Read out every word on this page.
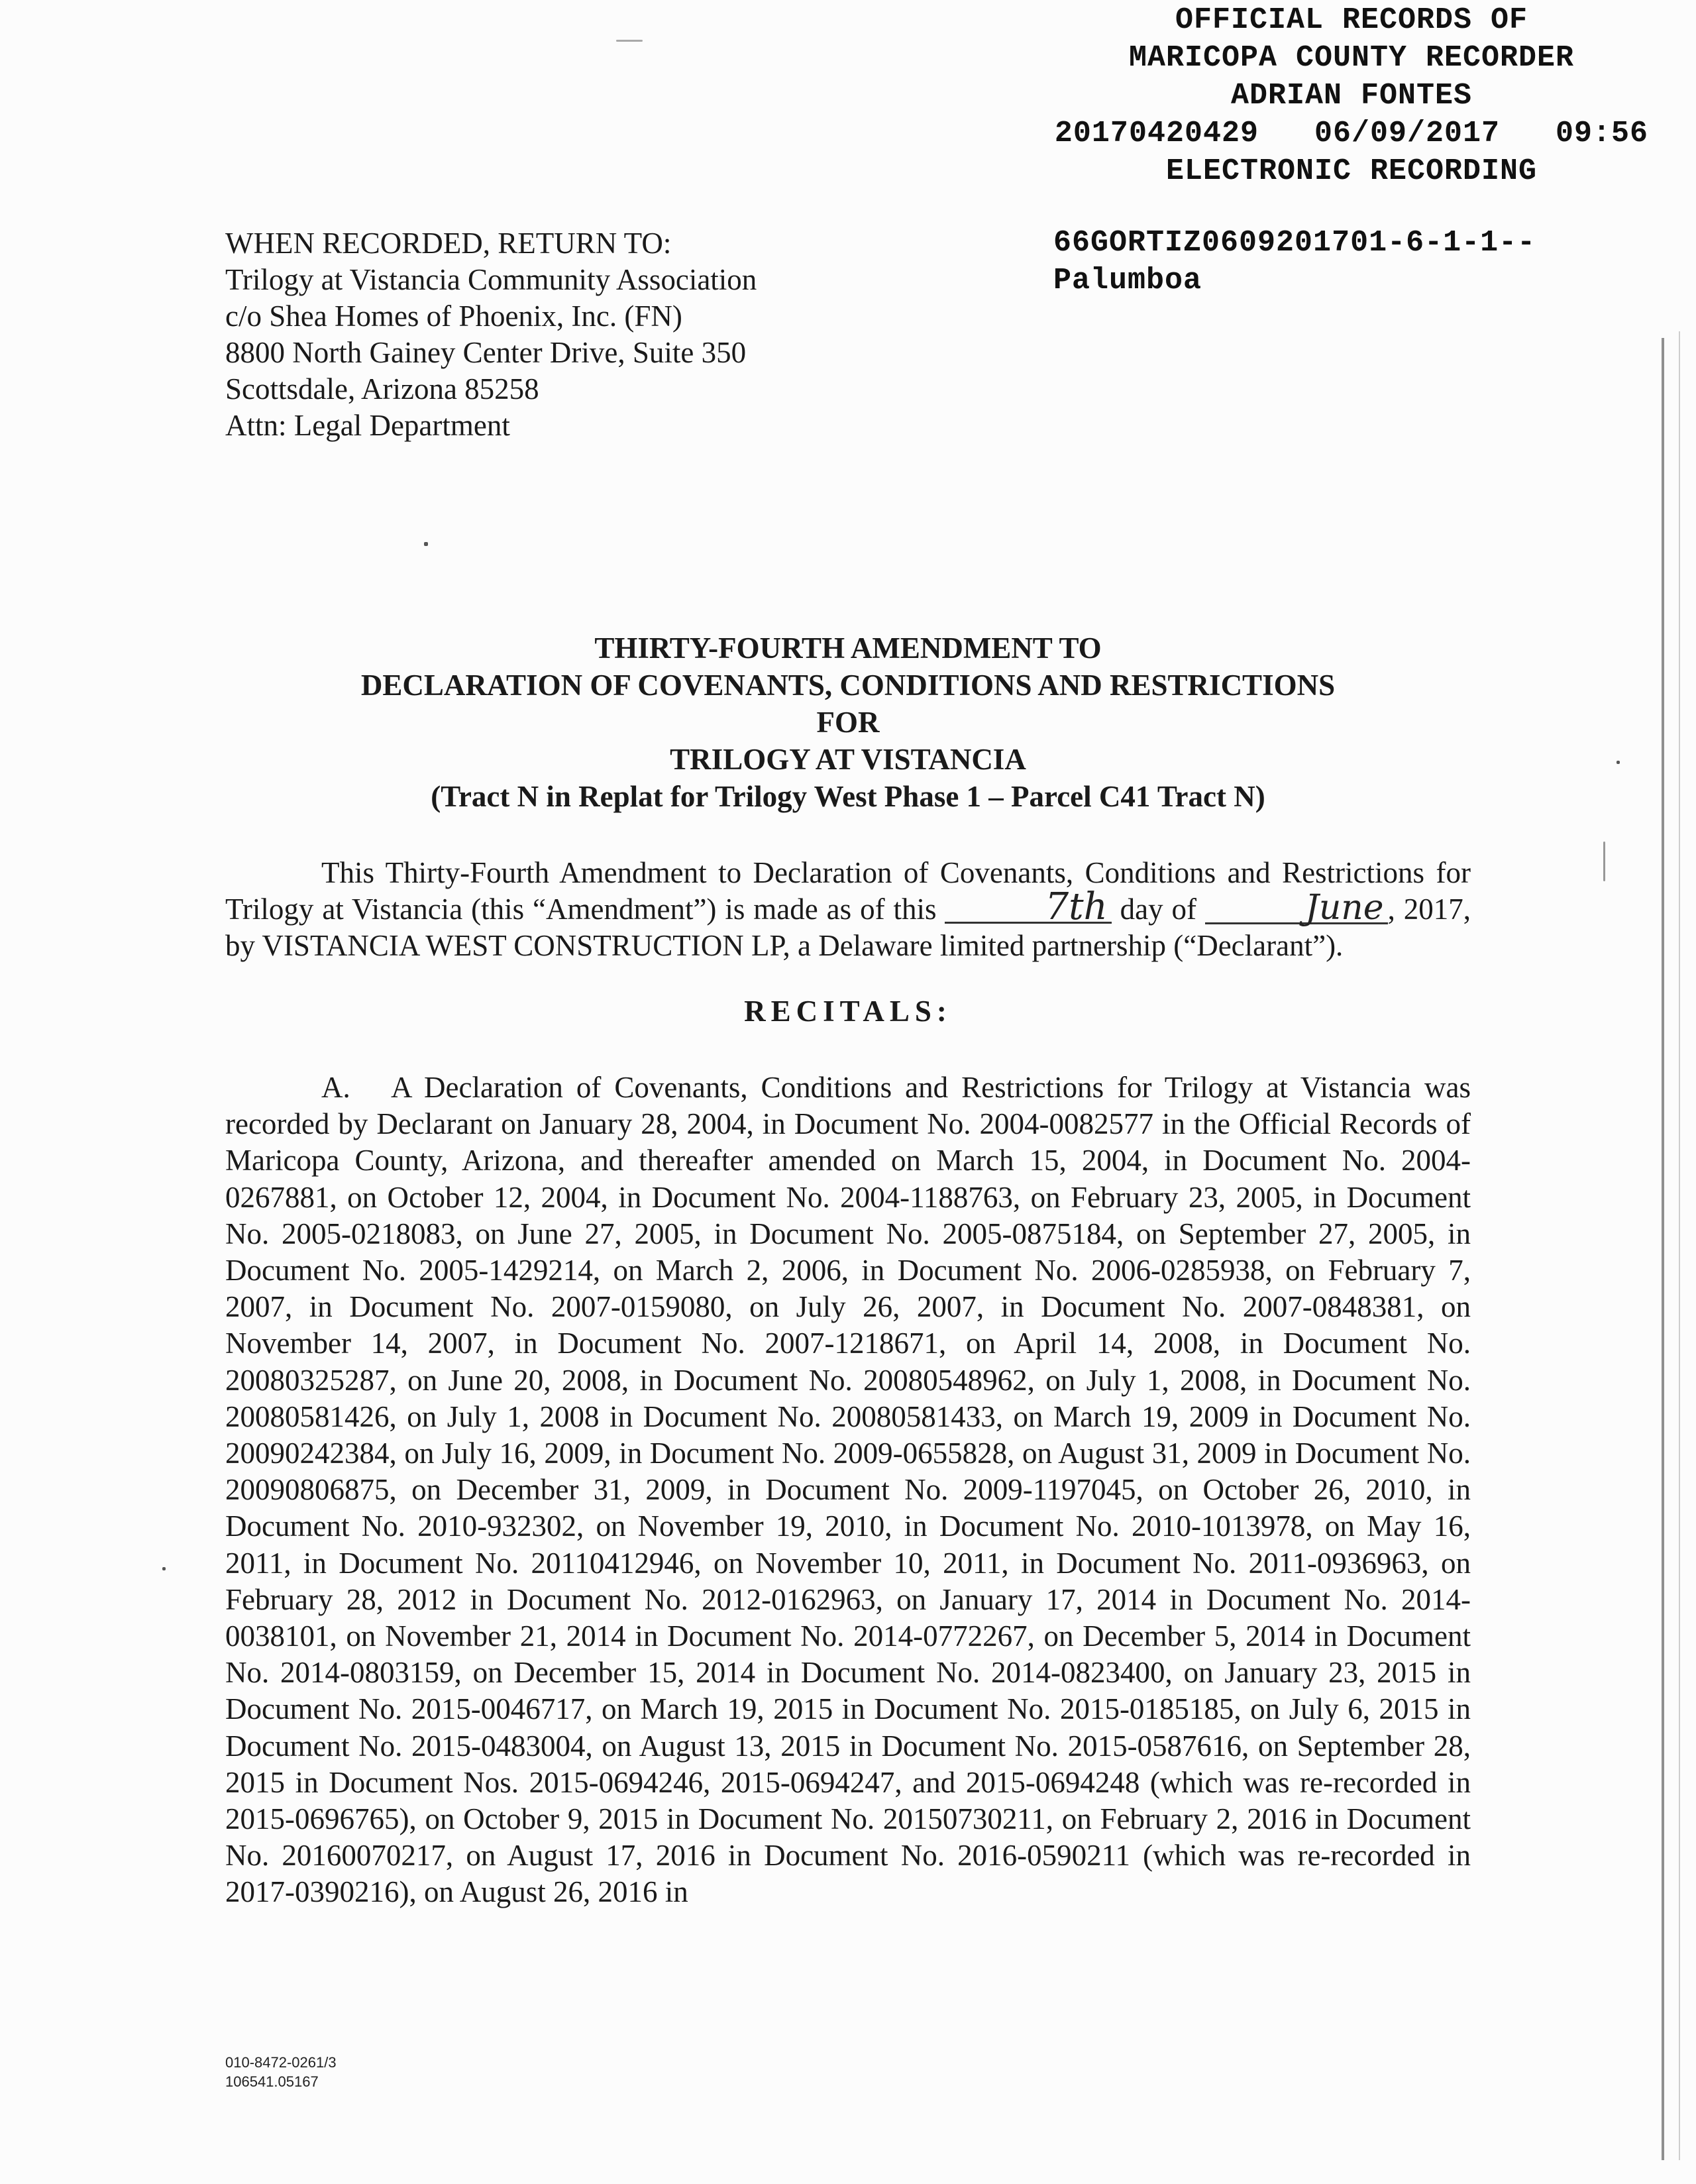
OFFICIAL RECORDS OF
MARICOPA COUNTY RECORDER
ADRIAN FONTES
20170420429   06/09/2017   09:56
ELECTRONIC RECORDING
WHEN RECORDED, RETURN TO:
Trilogy at Vistancia Community Association
c/o Shea Homes of Phoenix, Inc. (FN)
8800 North Gainey Center Drive, Suite 350
Scottsdale, Arizona 85258
Attn: Legal Department
66GORTIZ0609201701-6-1-1--
Palumboa
THIRTY-FOURTH AMENDMENT TO
DECLARATION OF COVENANTS, CONDITIONS AND RESTRICTIONS
FOR
TRILOGY AT VISTANCIA
(Tract N in Replat for Trilogy West Phase 1 – Parcel C41 Tract N)

This Thirty-Fourth Amendment to Declaration of Covenants, Conditions and Restrictions for Trilogy at Vistancia (this “Amendment”) is made as of this	7th day of	June , 2017, by VISTANCIA WEST CONSTRUCTION LP, a Delaware limited partnership (“Declarant”).

RECITALS:

A. A Declaration of Covenants, Conditions and Restrictions for Trilogy at Vistancia was recorded by Declarant on January 28, 2004, in Document No. 2004-0082577 in the Official Records of Maricopa County, Arizona, and thereafter amended on March 15, 2004, in Document No. 2004-0267881, on October 12, 2004, in Document No. 2004-1188763, on February 23, 2005, in Document No. 2005-0218083, on June 27, 2005, in Document No. 2005-0875184, on September 27, 2005, in Document No. 2005-1429214, on March 2, 2006, in Document No. 2006-0285938, on February 7, 2007, in Document No. 2007-0159080, on July 26, 2007, in Document No. 2007-0848381, on November 14, 2007, in Document No. 2007-1218671, on April 14, 2008, in Document No. 20080325287, on June 20, 2008, in Document No. 20080548962, on July 1, 2008, in Document No. 20080581426, on July 1, 2008 in Document No. 20080581433, on March 19, 2009 in Document No. 20090242384, on July 16, 2009, in Document No. 2009-0655828, on August 31, 2009 in Document No. 20090806875, on December 31, 2009, in Document No. 2009-1197045, on October 26, 2010, in Document No. 2010-932302, on November 19, 2010, in Document No. 2010-1013978, on May 16, 2011, in Document No. 20110412946, on November 10, 2011, in Document No. 2011-0936963, on February 28, 2012 in Document No. 2012-0162963, on January 17, 2014 in Document No. 2014-0038101, on November 21, 2014 in Document No. 2014-0772267, on December 5, 2014 in Document No. 2014-0803159, on December 15, 2014 in Document No. 2014-0823400, on January 23, 2015 in Document No. 2015-0046717, on March 19, 2015 in Document No. 2015-0185185, on July 6, 2015 in Document No. 2015-0483004, on August 13, 2015 in Document No. 2015-0587616, on September 28, 2015 in Document Nos. 2015-0694246, 2015-0694247, and 2015-0694248 (which was re-recorded in 2015-0696765), on October 9, 2015 in Document No. 20150730211, on February 2, 2016 in Document No. 20160070217, on August 17, 2016 in Document No. 2016-0590211 (which was re-recorded in 2017-0390216), on August 26, 2016 in

010-8472-0261/3
106541.05167
